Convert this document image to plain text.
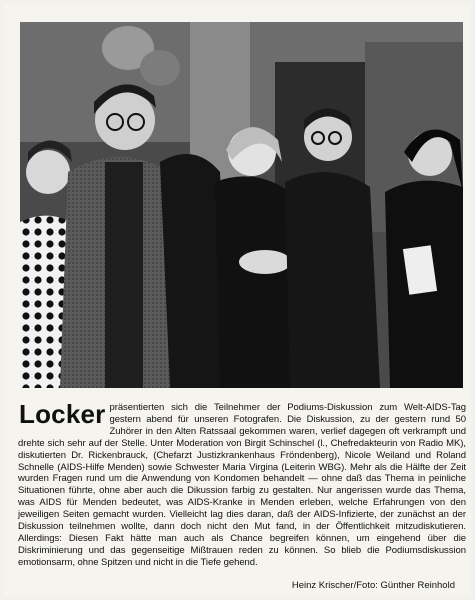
Locker präsentierten sich die Teilnehmer der Podiums-Diskussion zum Welt-AIDS-Tag gestern abend für unseren Fotografen. Die Diskussion, zu der gestern rund 50 Zuhörer in den Alten Ratssaal gekommen waren, verlief dagegen oft verkrampft und drehte sich sehr auf der Stelle. Unter Moderation von Birgit Schinschel (l., Chefredakteurin von Radio MK), diskutierten Dr. Rickenbrauck, (Chefarzt Justizkrankenhaus Fröndenberg), Nicole Weiland und Roland Schnelle (AIDS-Hilfe Menden) sowie Schwester Maria Virgina (Leiterin WBG). Mehr als die Hälfte der Zeit wurden Fragen rund um die Anwendung von Kondomen behandelt — ohne daß das Thema in peinliche Situationen führte, ohne aber auch die Dikussion farbig zu gestalten. Nur angerissen wurde das Thema, was AIDS für Menden bedeutet, was AIDS-Kranke in Menden erleben, welche Erfahrungen von den jeweiligen Seiten gemacht wurden. Vielleicht lag dies daran, daß der AIDS-Infizierte, der zunächst an der Diskussion teilnehmen wollte, dann doch nicht den Mut fand, in der Öffentlichkeit mitzudiskutieren. Allerdings: Diesen Fakt hätte man auch als Chance begreifen können, um eingehend über die Diskriminierung und das gegenseitige Mißtrauen reden zu können. So blieb die Podiumsdiskussion emotionsarm, ohne Spitzen und nicht in die Tiefe gehend.
Heinz Krischer/Foto: Günther Reinhold
